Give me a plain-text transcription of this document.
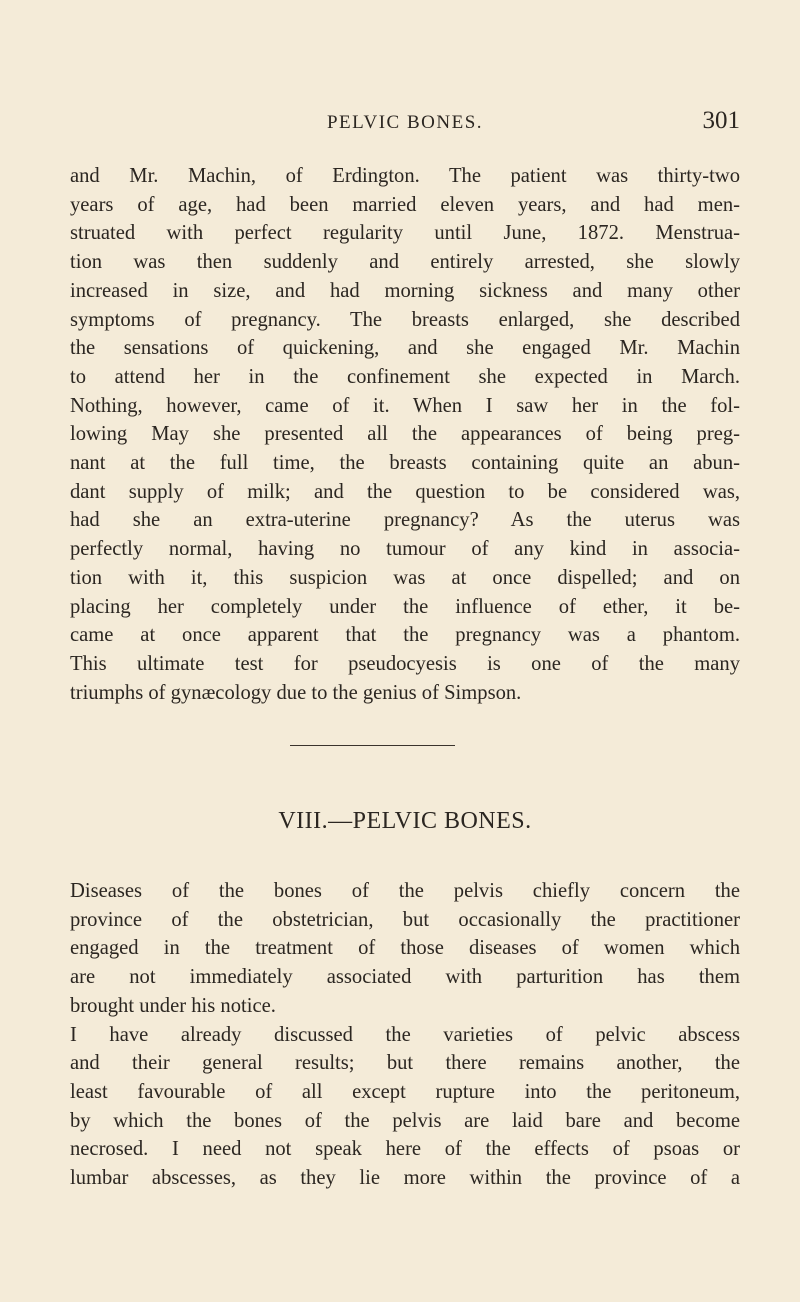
PELVIC BONES.	301
and Mr. Machin, of Erdington. The patient was thirty-two
years of age, had been married eleven years, and had men-
struated with perfect regularity until June, 1872. Menstrua-
tion was then suddenly and entirely arrested, she slowly
increased in size, and had morning sickness and many other
symptoms of pregnancy. The breasts enlarged, she described
the sensations of quickening, and she engaged Mr. Machin
to attend her in the confinement she expected in March.
Nothing, however, came of it. When I saw her in the fol-
lowing May she presented all the appearances of being preg-
nant at the full time, the breasts containing quite an abun-
dant supply of milk; and the question to be considered was,
had she an extra-uterine pregnancy? As the uterus was
perfectly normal, having no tumour of any kind in associa-
tion with it, this suspicion was at once dispelled; and on
placing her completely under the influence of ether, it be-
came at once apparent that the pregnancy was a phantom.
This ultimate test for pseudocyesis is one of the many
triumphs of gynæcology due to the genius of Simpson.
VIII.—PELVIC BONES.
Diseases of the bones of the pelvis chiefly concern the
province of the obstetrician, but occasionally the practitioner
engaged in the treatment of those diseases of women which
are not immediately associated with parturition has them
brought under his notice.
I have already discussed the varieties of pelvic abscess
and their general results; but there remains another, the
least favourable of all except rupture into the peritoneum,
by which the bones of the pelvis are laid bare and become
necrosed. I need not speak here of the effects of psoas or
lumbar abscesses, as they lie more within the province of a
